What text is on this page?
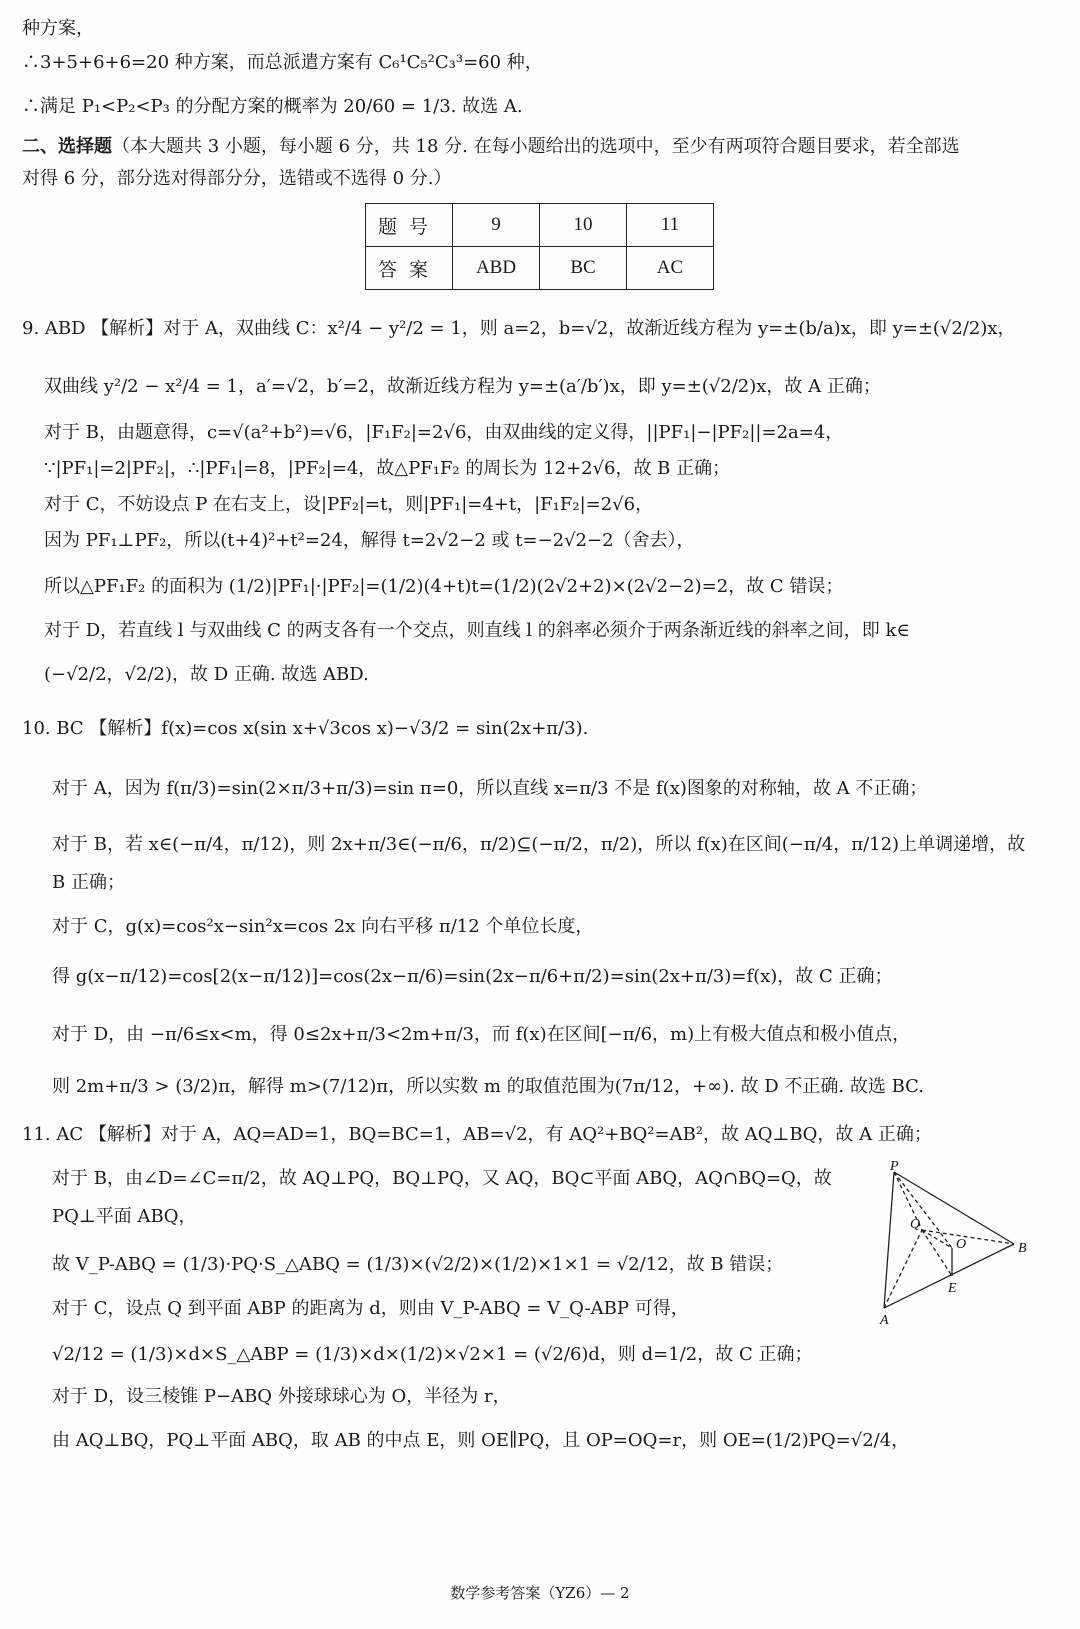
种方案，
∴3+5+6+6=20 种方案，而总派遣方案有 C₆¹C₅²C₃³=60 种，
∴满足 P₁<P₂<P₃ 的分配方案的概率为 20/60 = 1/3. 故选 A.
二、选择题（本大题共 3 小题，每小题 6 分，共 18 分. 在每小题给出的选项中，至少有两项符合题目要求，若全部选
对得 6 分，部分选对得部分分，选错或不选得 0 分.）
题号	9	10	11
答案	ABD	BC	AC
9. ABD 【解析】对于 A，双曲线 C：x²/4 − y²/2 = 1，则 a=2，b=√2，故渐近线方程为 y=±(b/a)x，即 y=±(√2/2)x，
双曲线 y²/2 − x²/4 = 1，a′=√2，b′=2，故渐近线方程为 y=±(a′/b′)x，即 y=±(√2/2)x，故 A 正确；
对于 B，由题意得，c=√(a²+b²)=√6，|F₁F₂|=2√6，由双曲线的定义得，||PF₁|−|PF₂||=2a=4，
∵|PF₁|=2|PF₂|，∴|PF₁|=8，|PF₂|=4，故△PF₁F₂ 的周长为 12+2√6，故 B 正确；
对于 C，不妨设点 P 在右支上，设|PF₂|=t，则|PF₁|=4+t，|F₁F₂|=2√6，
因为 PF₁⊥PF₂，所以(t+4)²+t²=24，解得 t=2√2−2 或 t=−2√2−2（舍去），
所以△PF₁F₂ 的面积为 (1/2)|PF₁|·|PF₂|=(1/2)(4+t)t=(1/2)(2√2+2)×(2√2−2)=2，故 C 错误；
对于 D，若直线 l 与双曲线 C 的两支各有一个交点，则直线 l 的斜率必须介于两条渐近线的斜率之间，即 k∈
(−√2/2，√2/2)，故 D 正确. 故选 ABD.
10. BC 【解析】f(x)=cos x(sin x+√3cos x)−√3/2 = sin(2x+π/3).
对于 A，因为 f(π/3)=sin(2×π/3+π/3)=sin π=0，所以直线 x=π/3 不是 f(x)图象的对称轴，故 A 不正确；
对于 B，若 x∈(−π/4，π/12)，则 2x+π/3∈(−π/6，π/2)⊆(−π/2，π/2)，所以 f(x)在区间(−π/4，π/12)上单调递增，故
B 正确；
对于 C，g(x)=cos²x−sin²x=cos 2x 向右平移 π/12 个单位长度，
得 g(x−π/12)=cos[2(x−π/12)]=cos(2x−π/6)=sin(2x−π/6+π/2)=sin(2x+π/3)=f(x)，故 C 正确；
对于 D，由 −π/6≤x<m，得 0≤2x+π/3<2m+π/3，而 f(x)在区间[−π/6，m)上有极大值点和极小值点，
则 2m+π/3 > (3/2)π，解得 m>(7/12)π，所以实数 m 的取值范围为(7π/12，+∞). 故 D 不正确. 故选 BC.
11. AC 【解析】对于 A，AQ=AD=1，BQ=BC=1，AB=√2，有 AQ²+BQ²=AB²，故 AQ⊥BQ，故 A 正确；
对于 B，由∠D=∠C=π/2，故 AQ⊥PQ，BQ⊥PQ，又 AQ，BQ⊂平面 ABQ，AQ∩BQ=Q，故
PQ⊥平面 ABQ，
故 V_P-ABQ = (1/3)·PQ·S_△ABQ = (1/3)×(√2/2)×(1/2)×1×1 = √2/12，故 B 错误；
对于 C，设点 Q 到平面 ABP 的距离为 d，则由 V_P-ABQ = V_Q-ABP 可得，
√2/12 = (1/3)×d×S_△ABP = (1/3)×d×(1/2)×√2×1 = (√2/6)d，则 d=1/2，故 C 正确；
对于 D，设三棱锥 P−ABQ 外接球球心为 O，半径为 r，
由 AQ⊥BQ，PQ⊥平面 ABQ，取 AB 的中点 E，则 OE∥PQ，且 OP=OQ=r，则 OE=(1/2)PQ=√2/4，
P
Q
O	B
E
A
数学参考答案（YZ6）— 2
